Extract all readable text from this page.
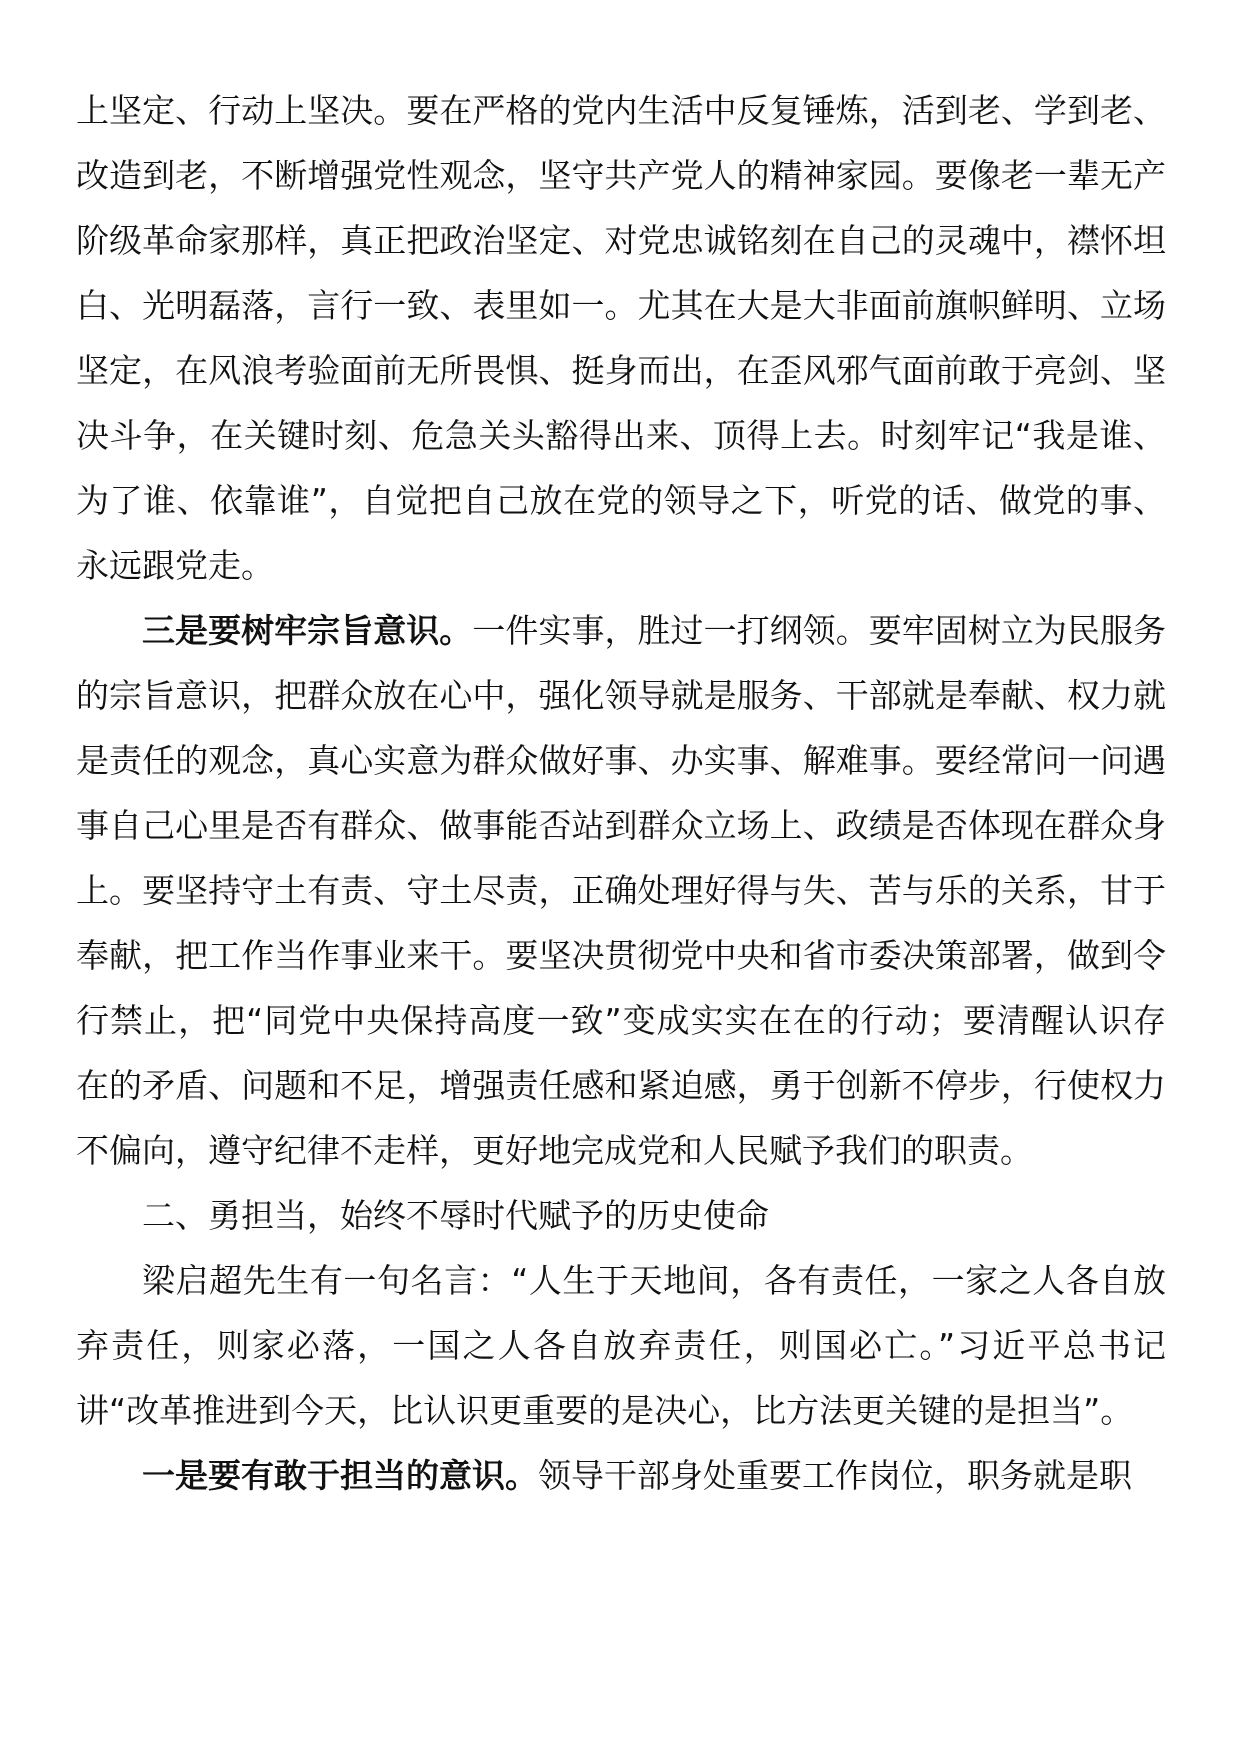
上坚定、行动上坚决。要在严格的党内生活中反复锤炼，活到老、学到老、改造到老，不断增强党性观念，坚守共产党人的精神家园。要像老一辈无产阶级革命家那样，真正把政治坚定、对党忠诚铭刻在自己的灵魂中，襟怀坦白、光明磊落，言行一致、表里如一。尤其在大是大非面前旗帜鲜明、立场坚定，在风浪考验面前无所畏惧、挺身而出，在歪风邪气面前敢于亮剑、坚决斗争，在关键时刻、危急关头豁得出来、顶得上去。时刻牢记“我是谁、为了谁、依靠谁”，自觉把自己放在党的领导之下，听党的话、做党的事、永远跟党走。

三是要树牢宗旨意识。一件实事，胜过一打纲领。要牢固树立为民服务的宗旨意识，把群众放在心中，强化领导就是服务、干部就是奉献、权力就是责任的观念，真心实意为群众做好事、办实事、解难事。要经常问一问遇事自己心里是否有群众、做事能否站到群众立场上、政绩是否体现在群众身上。要坚持守土有责、守土尽责，正确处理好得与失、苦与乐的关系，甘于奉献，把工作当作事业来干。要坚决贯彻党中央和省市委决策部署，做到令行禁止，把“同党中央保持高度一致”变成实实在在的行动；要清醒认识存在的矛盾、问题和不足，增强责任感和紧迫感，勇于创新不停步，行使权力不偏向，遵守纪律不走样，更好地完成党和人民赋予我们的职责。

二、勇担当，始终不辱时代赋予的历史使命

梁启超先生有一句名言：“人生于天地间，各有责任，一家之人各自放弃责任，则家必落，一国之人各自放弃责任，则国必亡。”习近平总书记讲“改革推进到今天，比认识更重要的是决心，比方法更关键的是担当”。

一是要有敢于担当的意识。领导干部身处重要工作岗位，职务就是职
